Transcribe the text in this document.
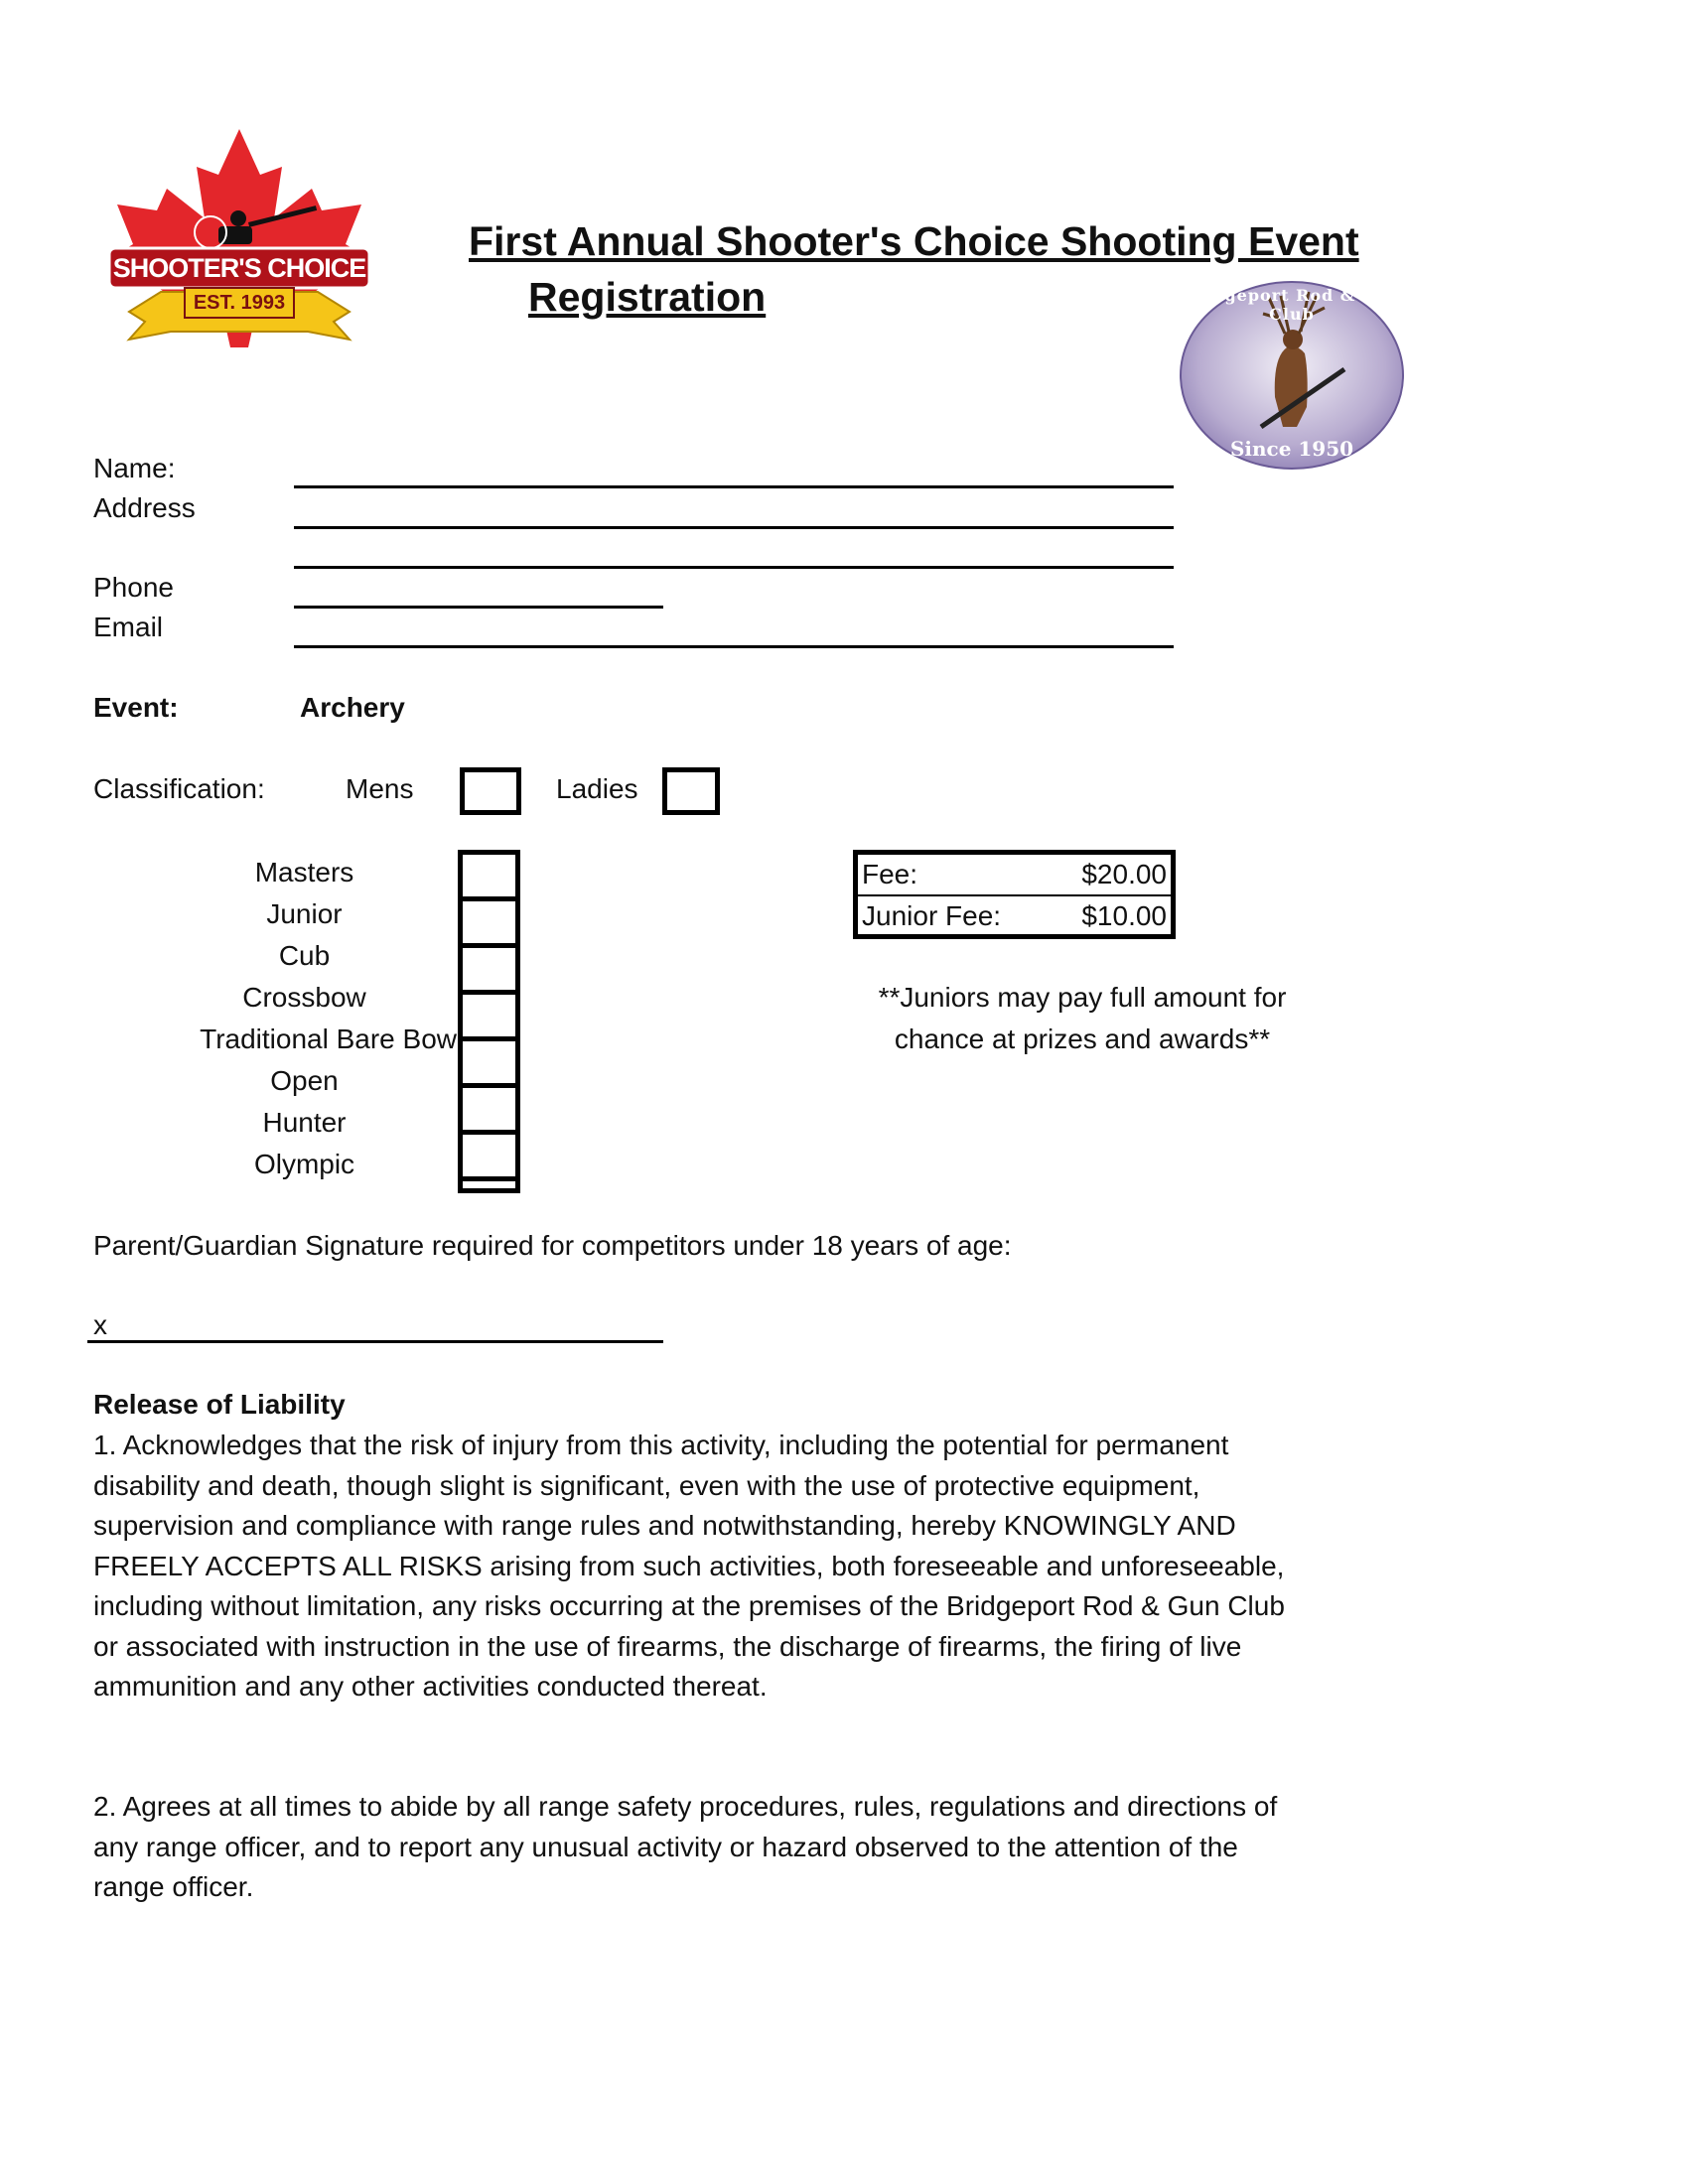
SHOOTER'S CHOICE
EST. 1993	Bridgeport Rod & Gun Club
Since 1950
First Annual Shooter's Choice Shooting Event
Registration
Name:
Address
Phone
Email
Event:	Archery
Classification:	Mens	Ladies
Masters
Junior
Cub
Crossbow
Traditional Bare Bow
Open
Hunter
Olympic
Fee:	$20.00
Junior Fee:	$10.00
**Juniors may pay full amount for
chance at prizes and awards**
Parent/Guardian Signature required for competitors under 18 years of age:
x
Release of Liability
1. Acknowledges that the risk of injury from this activity, including the potential for permanent
disability and death, though slight is significant, even with the use of protective equipment,
supervision and compliance with range rules and notwithstanding, hereby KNOWINGLY AND
FREELY ACCEPTS ALL RISKS arising from such activities, both foreseeable and unforeseeable,
including without limitation, any risks occurring at the premises of the Bridgeport Rod & Gun Club
or associated with instruction in the use of firearms, the discharge of firearms, the firing of live
ammunition and any other activities conducted thereat.
2. Agrees at all times to abide by all range safety procedures, rules, regulations and directions of
any range officer, and to report any unusual activity or hazard observed to the attention of the
range officer.
